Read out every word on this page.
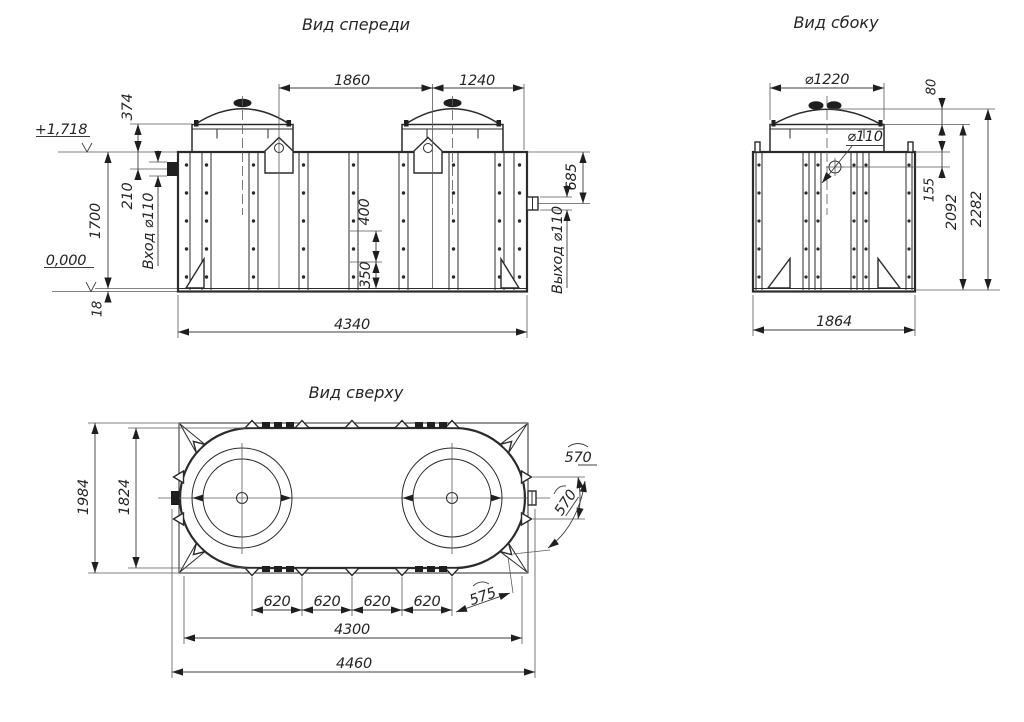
Вид спереди
1860	1240
374
210 Вход ⌀110
1700
18
+1,718
0,000
400
350
4340
685
Выход ⌀110
Вид сбоку
⌀1220
⌀110
80
155
2092 2282
1864
Вид сверху
1984 1824
620 620 620 620 575
4300
4460
570
570
